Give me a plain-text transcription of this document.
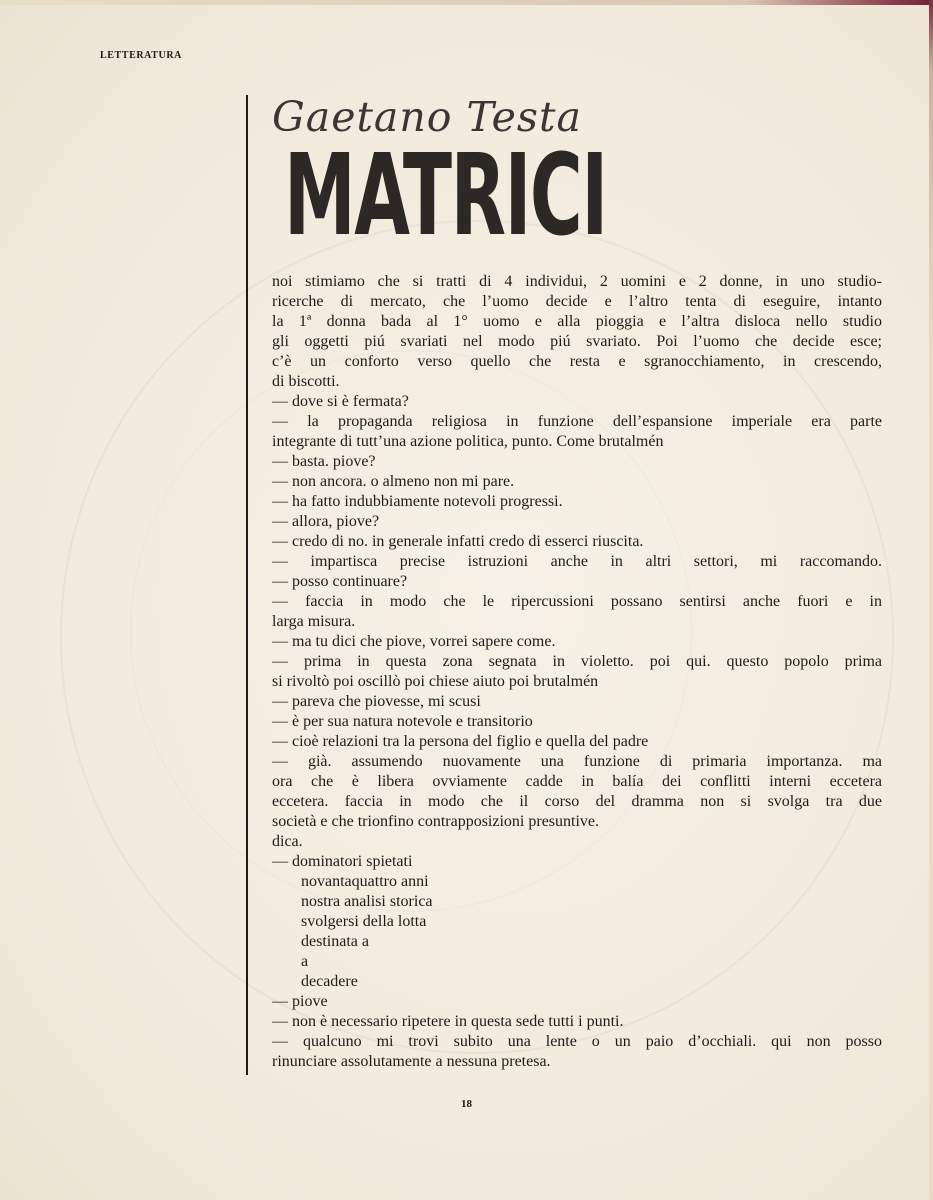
LETTERATURA
Gaetano Testa
MATRICI
noi stimiamo che si tratti di 4 individui, 2 uomini e 2 donne, in uno studio-
ricerche di mercato, che l’uomo decide e l’altro tenta di eseguire, intanto
la 1ª donna bada al 1° uomo e alla pioggia e l’altra disloca nello studio
gli oggetti piú svariati nel modo piú svariato. Poi l’uomo che decide esce;
c’è un conforto verso quello che resta e sgranocchiamento, in crescendo,
di biscotti.
— dove si è fermata?
— la propaganda religiosa in funzione dell’espansione imperiale era parte
integrante di tutt’una azione politica, punto. Come brutalmén
— basta. piove?
— non ancora. o almeno non mi pare.
— ha fatto indubbiamente notevoli progressi.
— allora, piove?
— credo di no. in generale infatti credo di esserci riuscita.
— impartisca precise istruzioni anche in altri settori, mi raccomando.
— posso continuare?
— faccia in modo che le ripercussioni possano sentirsi anche fuori e in
larga misura.
— ma tu dici che piove, vorrei sapere come.
— prima in questa zona segnata in violetto. poi qui. questo popolo prima
si rivoltò poi oscillò poi chiese aiuto poi brutalmén
— pareva che piovesse, mi scusi
— è per sua natura notevole e transitorio
— cioè relazioni tra la persona del figlio e quella del padre
— già. assumendo nuovamente una funzione di primaria importanza. ma
ora che è libera ovviamente cadde in balía dei conflitti interni eccetera
eccetera. faccia in modo che il corso del dramma non si svolga tra due
società e che trionfino contrapposizioni presuntive.
dica.
— dominatori spietati
novantaquattro anni
nostra analisi storica
svolgersi della lotta
destinata a
a
decadere
— piove
— non è necessario ripetere in questa sede tutti i punti.
— qualcuno mi trovi subito una lente o un paio d’occhiali. qui non posso
rinunciare assolutamente a nessuna pretesa.
18
